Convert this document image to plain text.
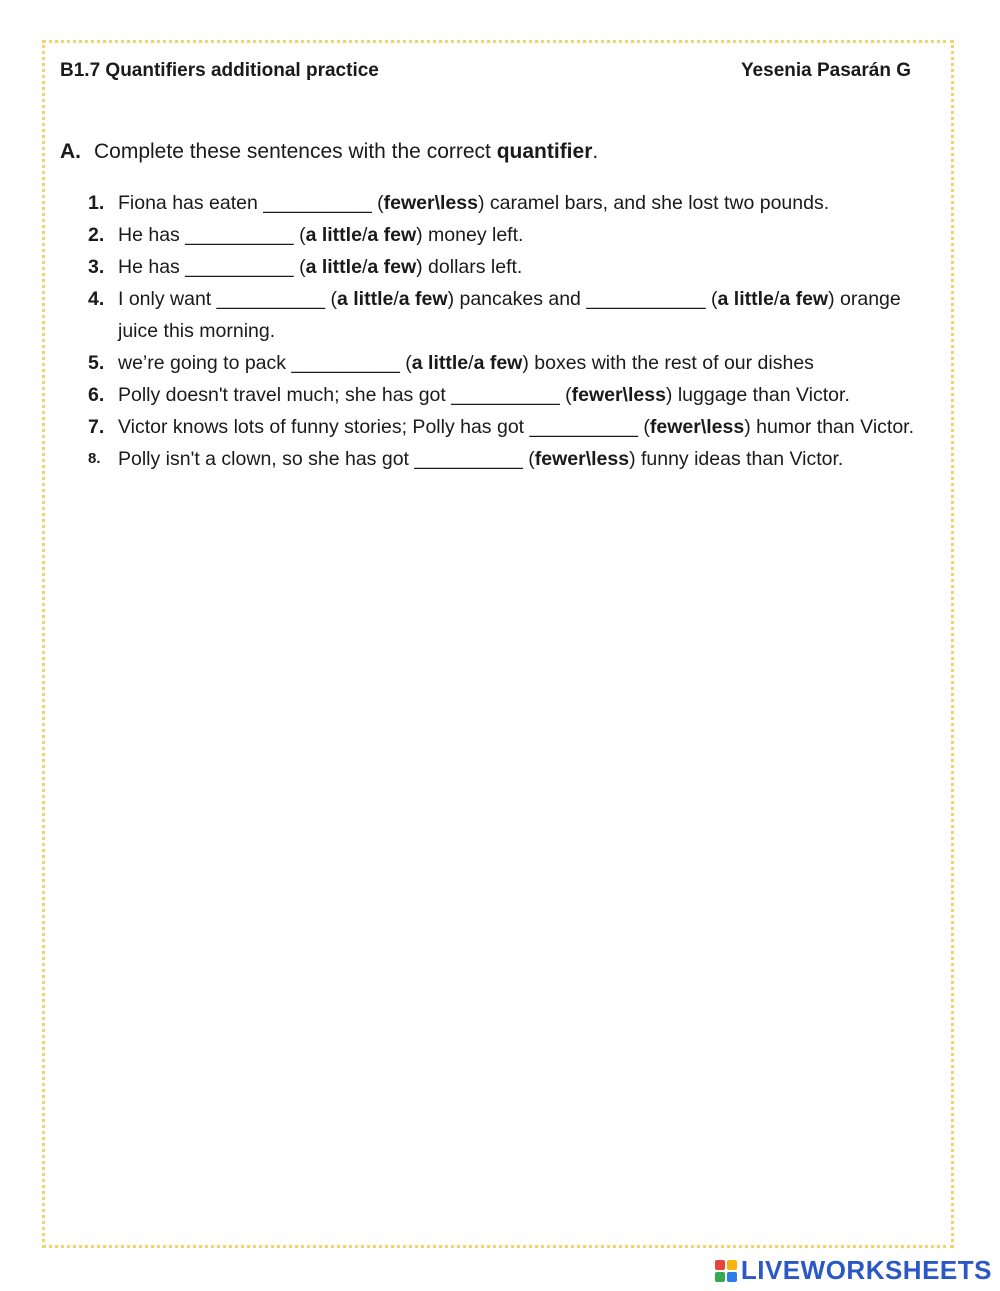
B1.7 Quantifiers additional practice	Yesenia Pasarán G
A. Complete these sentences with the correct quantifier.
1. Fiona has eaten __________ (fewer\less) caramel bars, and she lost two pounds.
2. He has __________ (a little/a few) money left.
3. He has __________ (a little/a few) dollars left.
4. I only want __________ (a little/a few) pancakes and ___________ (a little/a few) orange juice this morning.
5. we’re going to pack __________ (a little/a few) boxes with the rest of our dishes
6. Polly doesn't travel much; she has got __________ (fewer\less) luggage than Victor.
7. Victor knows lots of funny stories; Polly has got __________ (fewer\less) humor than Victor.
8. Polly isn't a clown, so she has got __________ (fewer\less) funny ideas than Victor.
LIVEWORKSHEETS
